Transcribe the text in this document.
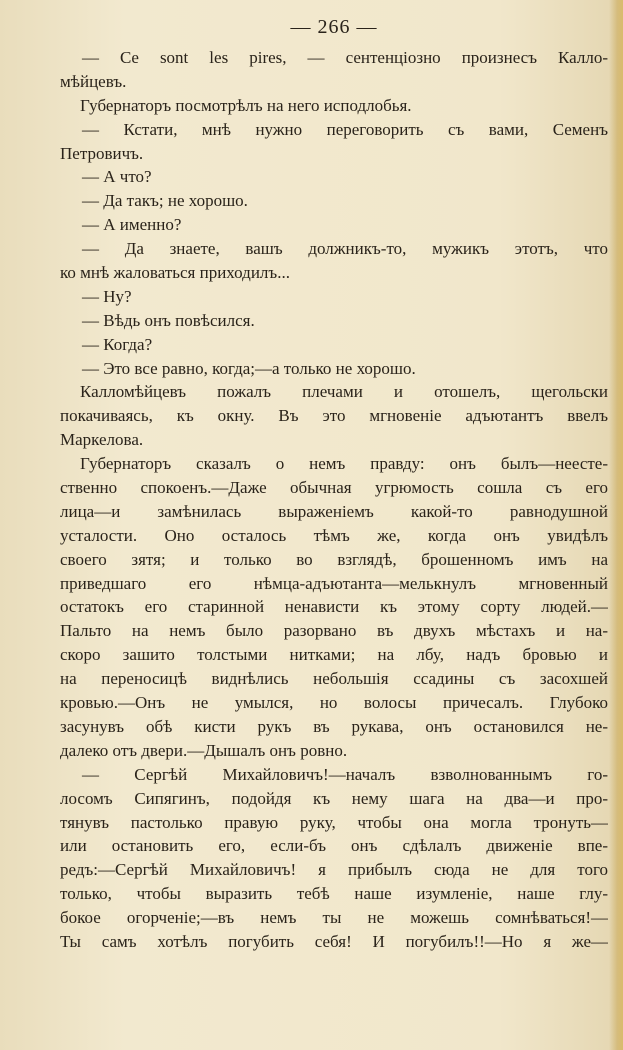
— 266 —
— Ce sont les pires, — сентенціозно произнесъ Калло-
мѣйцевъ.
Губернаторъ посмотрѣлъ на него исподлобья.
— Кстати, мнѣ нужно переговорить съ вами, Семенъ
Петровичъ.
— А что?
— Да такъ; не хорошо.
— А именно?
— Да знаете, вашъ должникъ-то, мужикъ этотъ, что
ко мнѣ жаловаться приходилъ...
— Ну?
— Вѣдь онъ повѣсился.
— Когда?
— Это все равно, когда;—а только не хорошо.
Калломѣйцевъ пожалъ плечами и отошелъ, щегольски
покачиваясь, къ окну. Въ это мгновеніе адъютантъ ввелъ
Маркелова.
Губернаторъ сказалъ о немъ правду: онъ былъ—неесте-
ственно спокоенъ.—Даже обычная угрюмость сошла съ его
лица—и замѣнилась выраженіемъ какой-то равнодушной
усталости. Оно осталось тѣмъ же, когда онъ увидѣлъ
своего зятя; и только во взглядѣ, брошенномъ имъ на
приведшаго его нѣмца-адъютанта—мелькнулъ мгновенный
остатокъ его старинной ненависти къ этому сорту людей.—
Пальто на немъ было разорвано въ двухъ мѣстахъ и на-
скоро зашито толстыми нитками; на лбу, надъ бровью и
на переносицѣ виднѣлись небольшія ссадины съ засохшей
кровью.—Онъ не умылся, но волосы причесалъ. Глубоко
засунувъ обѣ кисти рукъ въ рукава, онъ остановился не-
далеко отъ двери.—Дышалъ онъ ровно.
— Сергѣй Михайловичъ!—началъ взволнованнымъ го-
лосомъ Сипягинъ, подойдя къ нему шага на два—и про-
тянувъ пастолько правую руку, чтобы она могла тронуть—
или остановить его, если-бъ онъ сдѣлалъ движеніе впе-
редъ:—Сергѣй Михайловичъ! я прибылъ сюда не для того
только, чтобы выразить тебѣ наше изумленіе, наше глу-
бокое огорченіе;—въ немъ ты не можешь сомнѣваться!—
Ты самъ хотѣлъ погубить себя! И погубилъ!!—Но я же—
